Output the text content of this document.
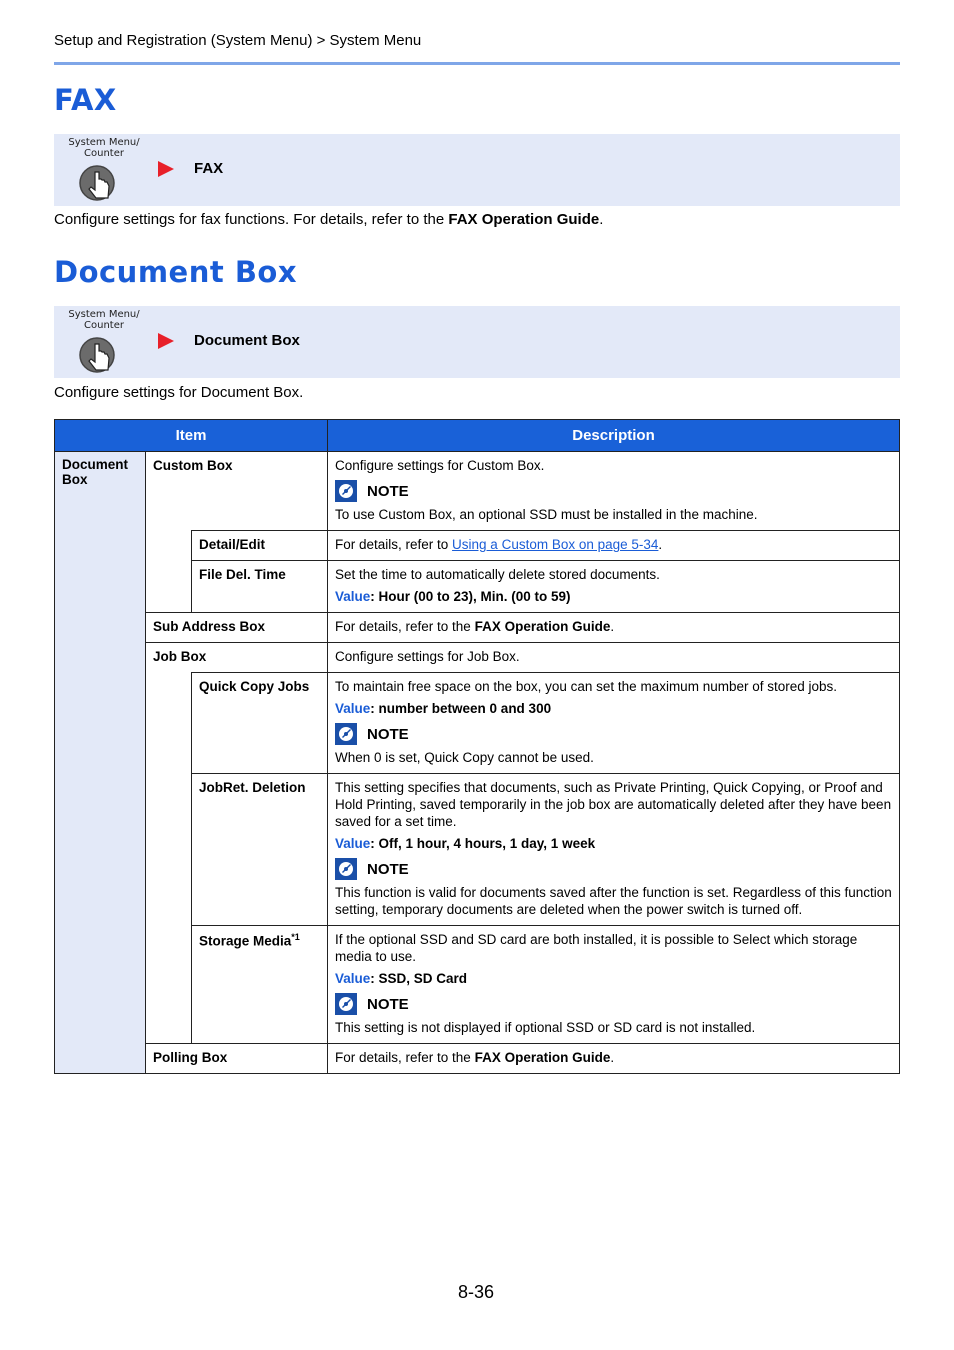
Setup and Registration (System Menu) > System Menu
FAX
System Menu/
Counter
FAX
Configure settings for fax functions. For details, refer to the FAX Operation Guide.
Document Box
System Menu/
Counter
Document Box
Configure settings for Document Box.
Item			Description
Document Box	Custom Box		Configure settings for Custom Box.
NOTE
To use Custom Box, an optional SSD must be installed in the machine.

		Detail/Edit	For details, refer to Using a Custom Box on page 5-34.
		File Del. Time	Set the time to automatically delete stored documents.
Value: Hour (00 to 23), Min. (00 to 59)

	Sub Address Box		For details, refer to the FAX Operation Guide.
	Job Box		Configure settings for Job Box.
		Quick Copy Jobs	To maintain free space on the box, you can set the maximum number of stored jobs.
Value: number between 0 and 300
NOTE
When 0 is set, Quick Copy cannot be used.

		JobRet. Deletion	This setting specifies that documents, such as Private Printing, Quick Copying, or Proof and Hold Printing, saved temporarily in the job box are automatically deleted after they have been saved for a set time.
Value: Off, 1 hour, 4 hours, 1 day, 1 week
NOTE
This function is valid for documents saved after the function is set. Regardless of this function setting, temporary documents are deleted when the power switch is turned off.

		Storage Media$^{*1}$	If the optional SSD and SD card are both installed, it is possible to Select which storage media to use.
Value: SSD, SD Card
NOTE
This setting is not displayed if optional SSD or SD card is not installed.

	Polling Box		For details, refer to the FAX Operation Guide.
8-36
